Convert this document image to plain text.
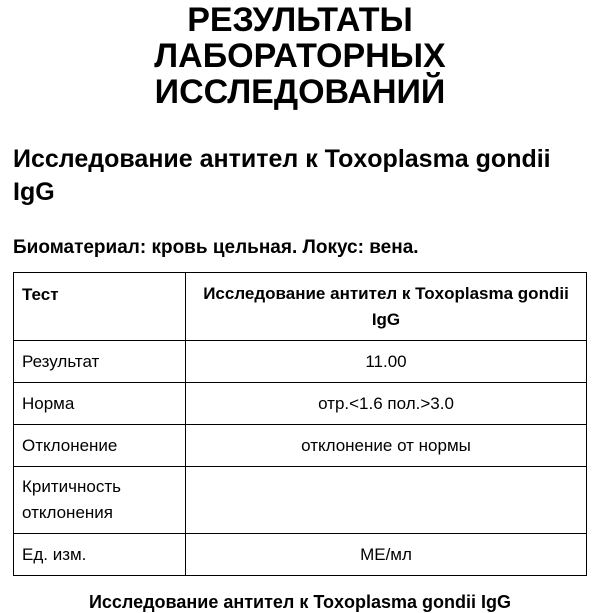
РЕЗУЛЬТАТЫ
ЛАБОРАТОРНЫХ
ИССЛЕДОВАНИЙ
Исследование антител к Toxoplasma gondii IgG

Биоматериал: кровь цельная. Локус: вена.

Тест	Исследование антител к Toxoplasma gondii IgG
Результат	11.00
Норма	отр.<1.6 пол.>3.0
Отклонение	отклонение от нормы
Критичность отклонения	
Ед. изм.	МЕ/мл

Исследование антител к Toxoplasma gondii IgG
